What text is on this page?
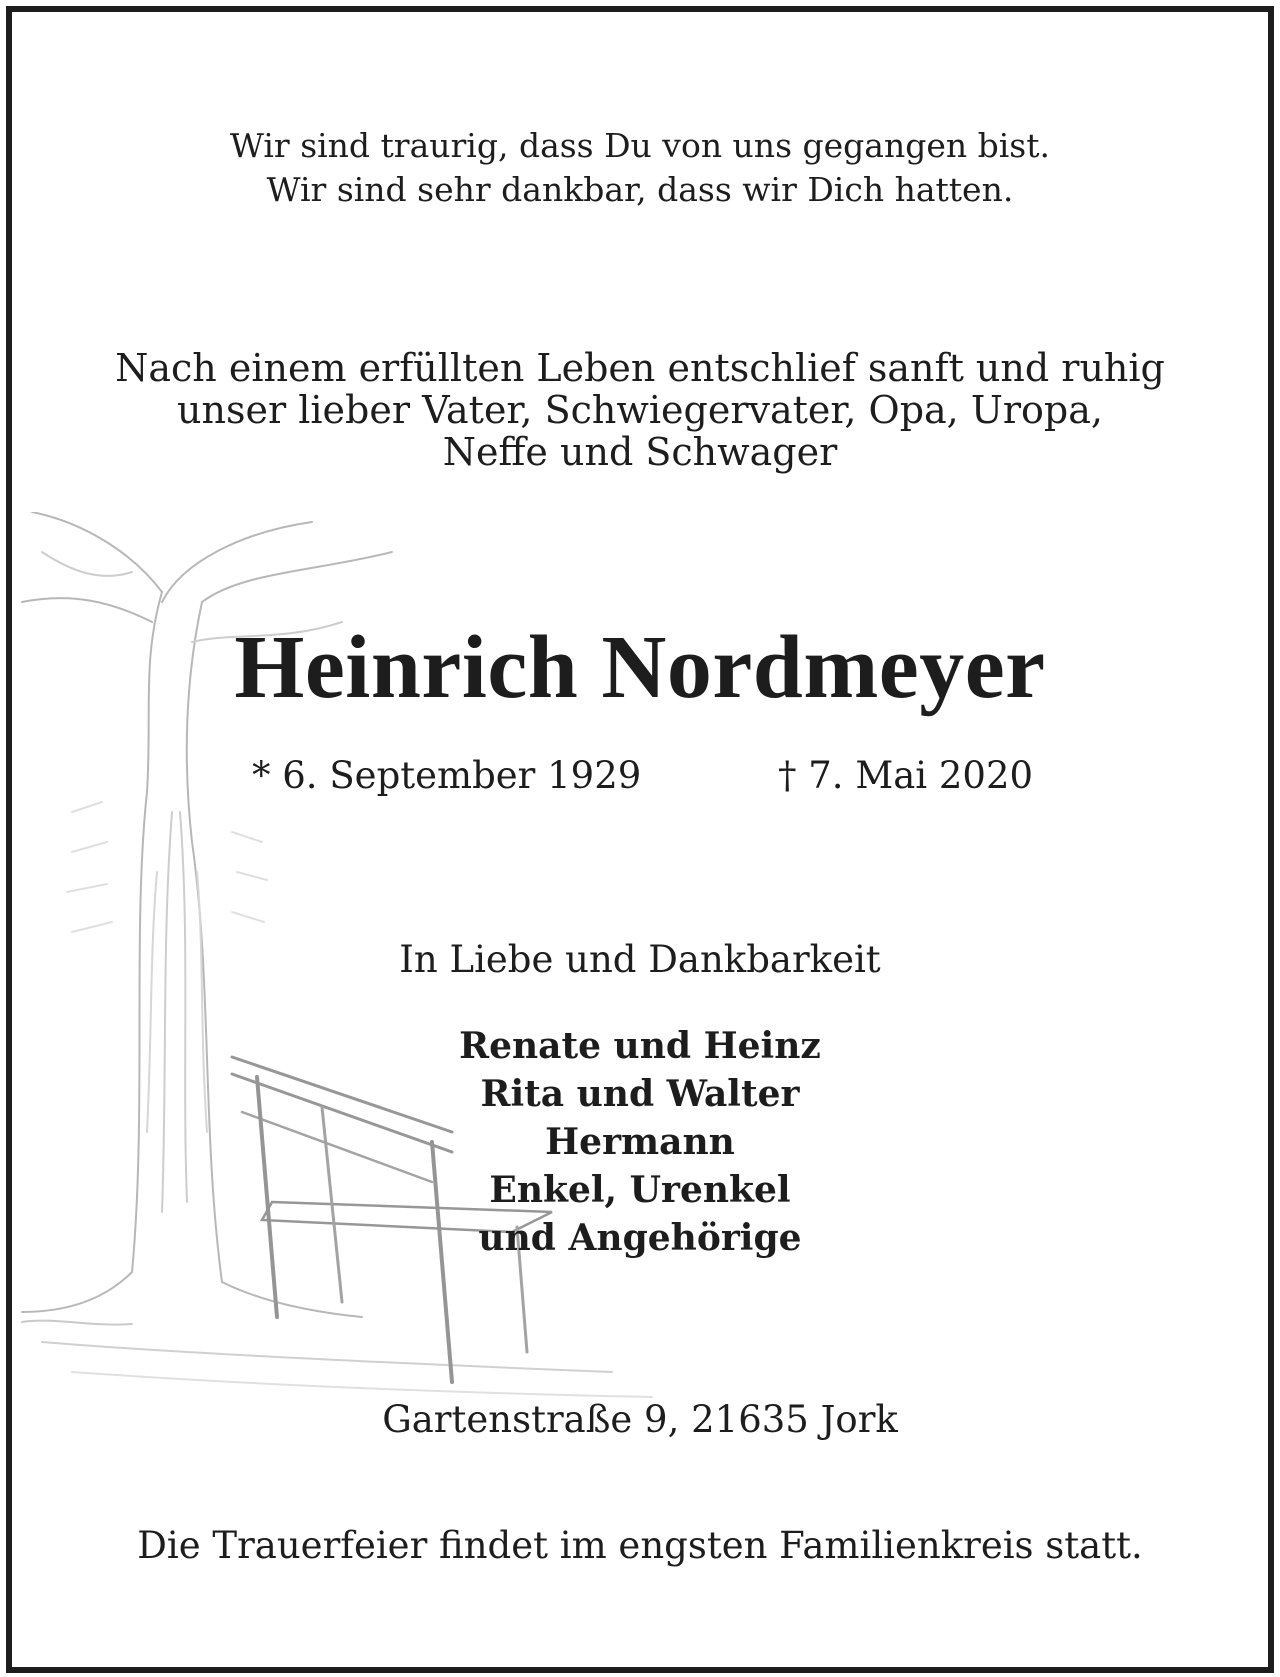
Wir sind traurig, dass Du von uns gegangen bist.
Wir sind sehr dankbar, dass wir Dich hatten.
Nach einem erfüllten Leben entschlief sanft und ruhig
unser lieber Vater, Schwiegervater, Opa, Uropa,
Neffe und Schwager
Heinrich Nordmeyer
* 6. September 1929	† 7. Mai 2020
In Liebe und Dankbarkeit
Renate und Heinz
Rita und Walter
Hermann
Enkel, Urenkel
und Angehörige
Gartenstraße 9, 21635 Jork
Die Trauerfeier findet im engsten Familienkreis statt.
